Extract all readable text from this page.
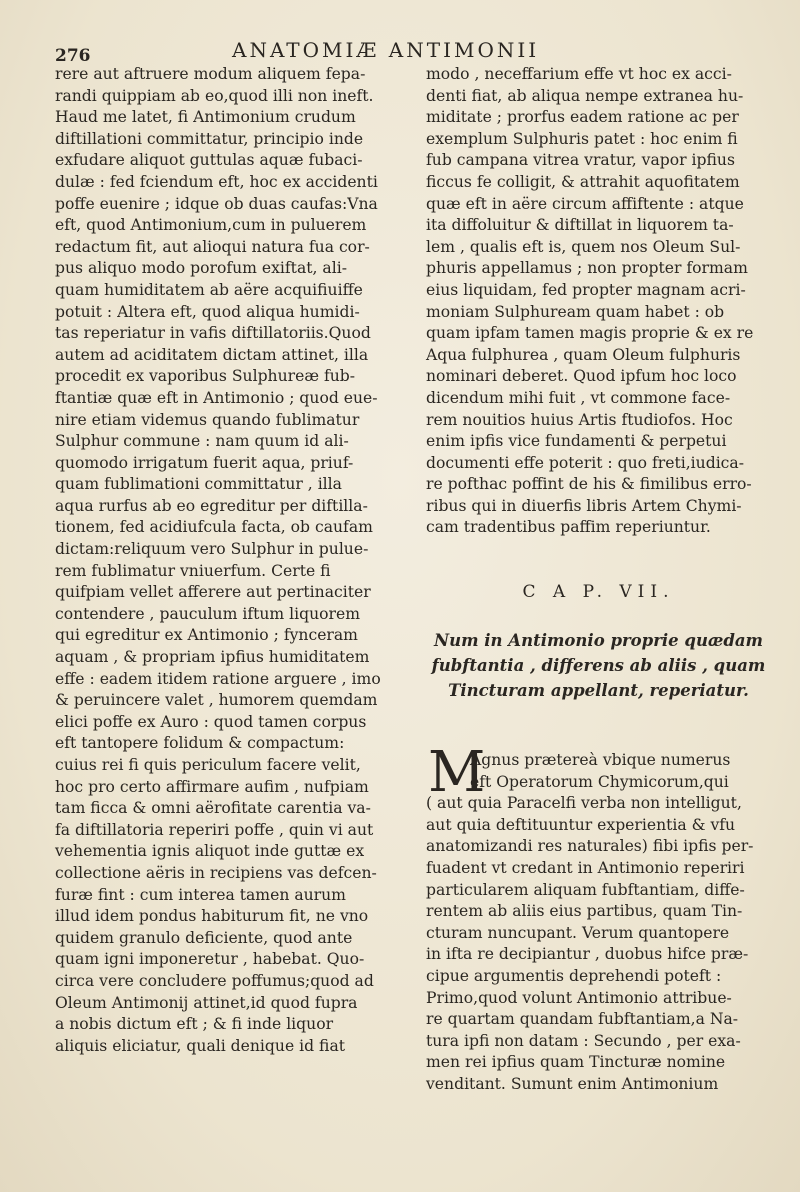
276	ANATOMIÆ ANTIMONII
rere aut aftruere modum aliquem fepa-
randi quippiam ab eo,quod illi non ineft.
Haud me latet, fi Antimonium crudum
diftillationi committatur, principio inde
exfudare aliquot guttulas aquæ fubaci-
dulæ : fed fciendum eft, hoc ex accidenti
poffe euenire ; idque ob duas caufas:Vna
eft, quod Antimonium,cum in puluerem
redactum fit, aut alioqui natura fua cor-
pus aliquo modo porofum exiftat, ali-
quam humiditatem ab aëre acquifiuiffe
potuit : Altera eft, quod aliqua humidi-
tas reperiatur in vafis diftillatoriis.Quod
autem ad aciditatem dictam attinet, illa
procedit ex vaporibus Sulphureæ fub-
ftantiæ quæ eft in Antimonio ; quod eue-
nire etiam videmus quando fublimatur
Sulphur commune : nam quum id ali-
quomodo irrigatum fuerit aqua, priuf-
quam fublimationi committatur , illa
aqua rurfus ab eo egreditur per diftilla-
tionem, fed acidiufcula facta, ob caufam
dictam:reliquum vero Sulphur in pulue-
rem fublimatur vniuerfum. Certe fi
quifpiam vellet afferere aut pertinaciter
contendere , pauculum iftum liquorem
qui egreditur ex Antimonio ; fynceram
aquam , & propriam ipfius humiditatem
effe : eadem itidem ratione arguere , imo
& peruincere valet , humorem quemdam
elici poffe ex Auro : quod tamen corpus
eft tantopere folidum & compactum:
cuius rei fi quis periculum facere velit,
hoc pro certo affirmare aufim , nufpiam
tam ficca & omni aërofitate carentia va-
fa diftillatoria reperiri poffe , quin vi aut
vehementia ignis aliquot inde guttæ ex
collectione aëris in recipiens vas defcen-
furæ fint : cum interea tamen aurum
illud idem pondus habiturum fit, ne vno
quidem granulo deficiente, quod ante
quam igni imponeretur , habebat. Quo-
circa vere concludere poffumus;quod ad
Oleum Antimonij attinet,id quod fupra
a nobis dictum eft ; & fi inde liquor
aliquis eliciatur, quali denique id fiat
modo , neceffarium effe vt hoc ex acci-
denti fiat, ab aliqua nempe extranea hu-
miditate ; prorfus eadem ratione ac per
exemplum Sulphuris patet : hoc enim fi
fub campana vitrea vratur, vapor ipfius
ficcus fe colligit, & attrahit aquofitatem
quæ eft in aëre circum affiftente : atque
ita diffoluitur & diftillat in liquorem ta-
lem , qualis eft is, quem nos Oleum Sul-
phuris appellamus ; non propter formam
eius liquidam, fed propter magnam acri-
moniam Sulphuream quam habet : ob
quam ipfam tamen magis proprie & ex re
Aqua fulphurea , quam Oleum fulphuris
nominari deberet. Quod ipfum hoc loco
dicendum mihi fuit , vt commone face-
rem nouitios huius Artis ftudiofos. Hoc
enim ipfis vice fundamenti & perpetui
documenti effe poterit : quo freti,iudica-
re pofthac poffint de his & fimilibus erro-
ribus qui in diuerfis libris Artem Chymi-
cam tradentibus paffim reperiuntur.
C A P. VII.
Num in Antimonio proprie quædam
fubftantia , differens ab aliis , quam
Tincturam appellant, reperiatur.
M
Agnus prætereà vbique numerus
eft Operatorum Chymicorum,qui
( aut quia Paracelfi verba non intelligut,
aut quia deftituuntur experientia & vfu
anatomizandi res naturales) fibi ipfis per-
fuadent vt credant in Antimonio reperiri
particularem aliquam fubftantiam, diffe-
rentem ab aliis eius partibus, quam Tin-
cturam nuncupant. Verum quantopere
in ifta re decipiantur , duobus hifce præ-
cipue argumentis deprehendi poteft :
Primo,quod volunt Antimonio attribue-
re quartam quandam fubftantiam,a Na-
tura ipfi non datam : Secundo , per exa-
men rei ipfius quam Tincturæ nomine
venditant. Sumunt enim Antimonium
